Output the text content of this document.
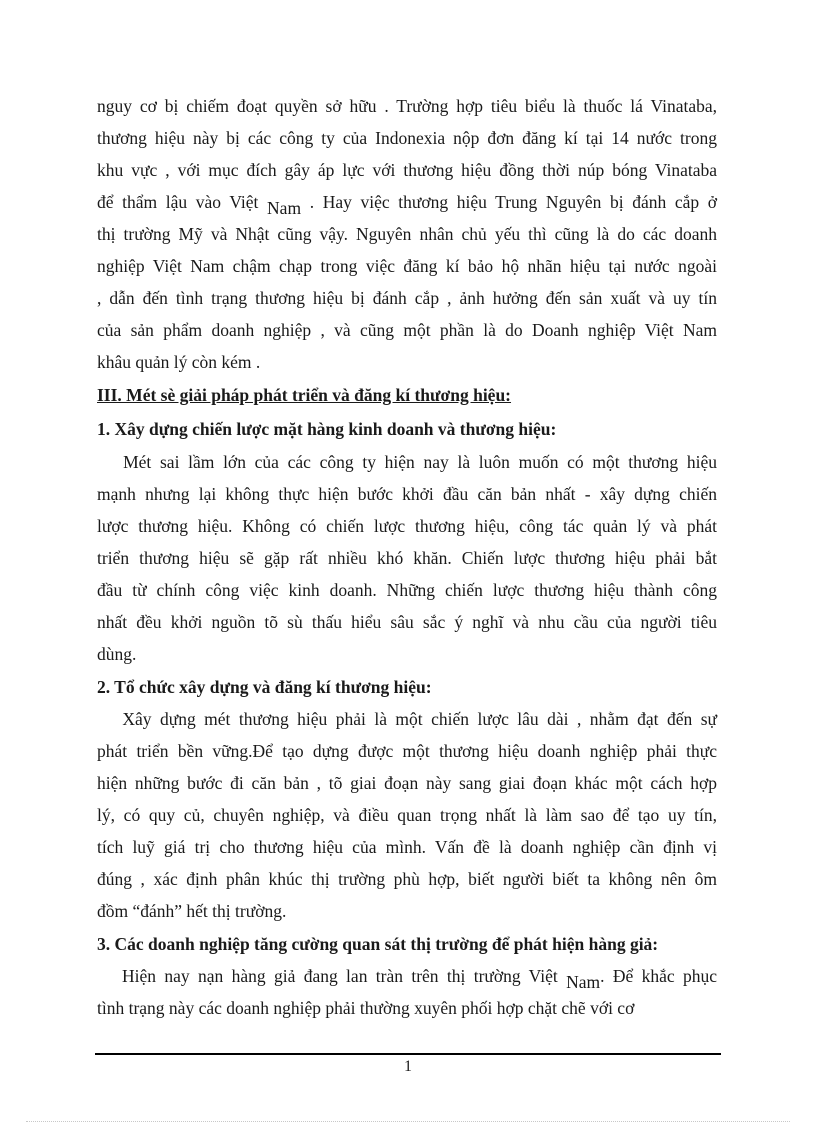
nguy cơ bị chiếm đoạt quyền sở hữu . Trường hợp tiêu biểu là thuốc lá Vinataba,
thương hiệu này bị các công ty của Indonexia nộp đơn đăng kí tại 14 nước trong
khu vực , với mục đích gây áp lực với thương hiệu đồng thời núp bóng Vinataba
để thẩm lậu vào Việt Nam . Hay việc thương hiệu Trung Nguyên bị đánh cắp ở
thị trường Mỹ và Nhật cũng vậy. Nguyên nhân chủ yếu thì cũng là do các doanh
nghiệp Việt Nam chậm chạp trong việc đăng kí bảo hộ nhãn hiệu tại nước ngoài
, dẫn đến tình trạng thương hiệu bị đánh cắp , ảnh hưởng đến sản xuất và uy tín
của sản phẩm doanh nghiệp , và cũng một phần là do Doanh nghiệp Việt Nam
khâu quản lý còn kém .
III. Mét sè giải pháp phát triển và đăng kí thương hiệu:
1. Xây dựng chiến lược mặt hàng kinh doanh và thương hiệu:
Mét sai lầm lớn của các công ty hiện nay là luôn muốn có một thương hiệu
mạnh nhưng lại không thực hiện bước khởi đầu căn bản nhất - xây dựng chiến
lược thương hiệu. Không có chiến lược thương hiệu, công tác quản lý và phát
triển thương hiệu sẽ gặp rất nhiều khó khăn. Chiến lược thương hiệu phải bắt
đầu từ chính công việc kinh doanh. Những chiến lược thương hiệu thành công
nhất đều khởi nguồn tõ sù thấu hiểu sâu sắc ý nghĩ và nhu cầu của người tiêu
dùng.
2. Tổ chức xây dựng và đăng kí thương hiệu:
Xây dựng mét thương hiệu phải là một chiến lược lâu dài , nhằm đạt đến sự
phát triển bền vững.Để tạo dựng được một thương hiệu doanh nghiệp phải thực
hiện những bước đi căn bản , tõ giai đoạn này sang giai đoạn khác một cách hợp
lý, có quy củ, chuyên nghiệp, và điều quan trọng nhất là làm sao để tạo uy tín,
tích luỹ giá trị cho thương hiệu của mình. Vấn đề là doanh nghiệp cần định vị
đúng , xác định phân khúc thị trường phù hợp, biết người biết ta không nên ôm
đồm “đánh” hết thị trường.
3. Các doanh nghiệp tăng cường quan sát thị trường để phát hiện hàng giả:
Hiện nay nạn hàng giả đang lan tràn trên thị trường Việt Nam. Để khắc phục
tình trạng này các doanh nghiệp phải thường xuyên phối hợp chặt chẽ với cơ
1
